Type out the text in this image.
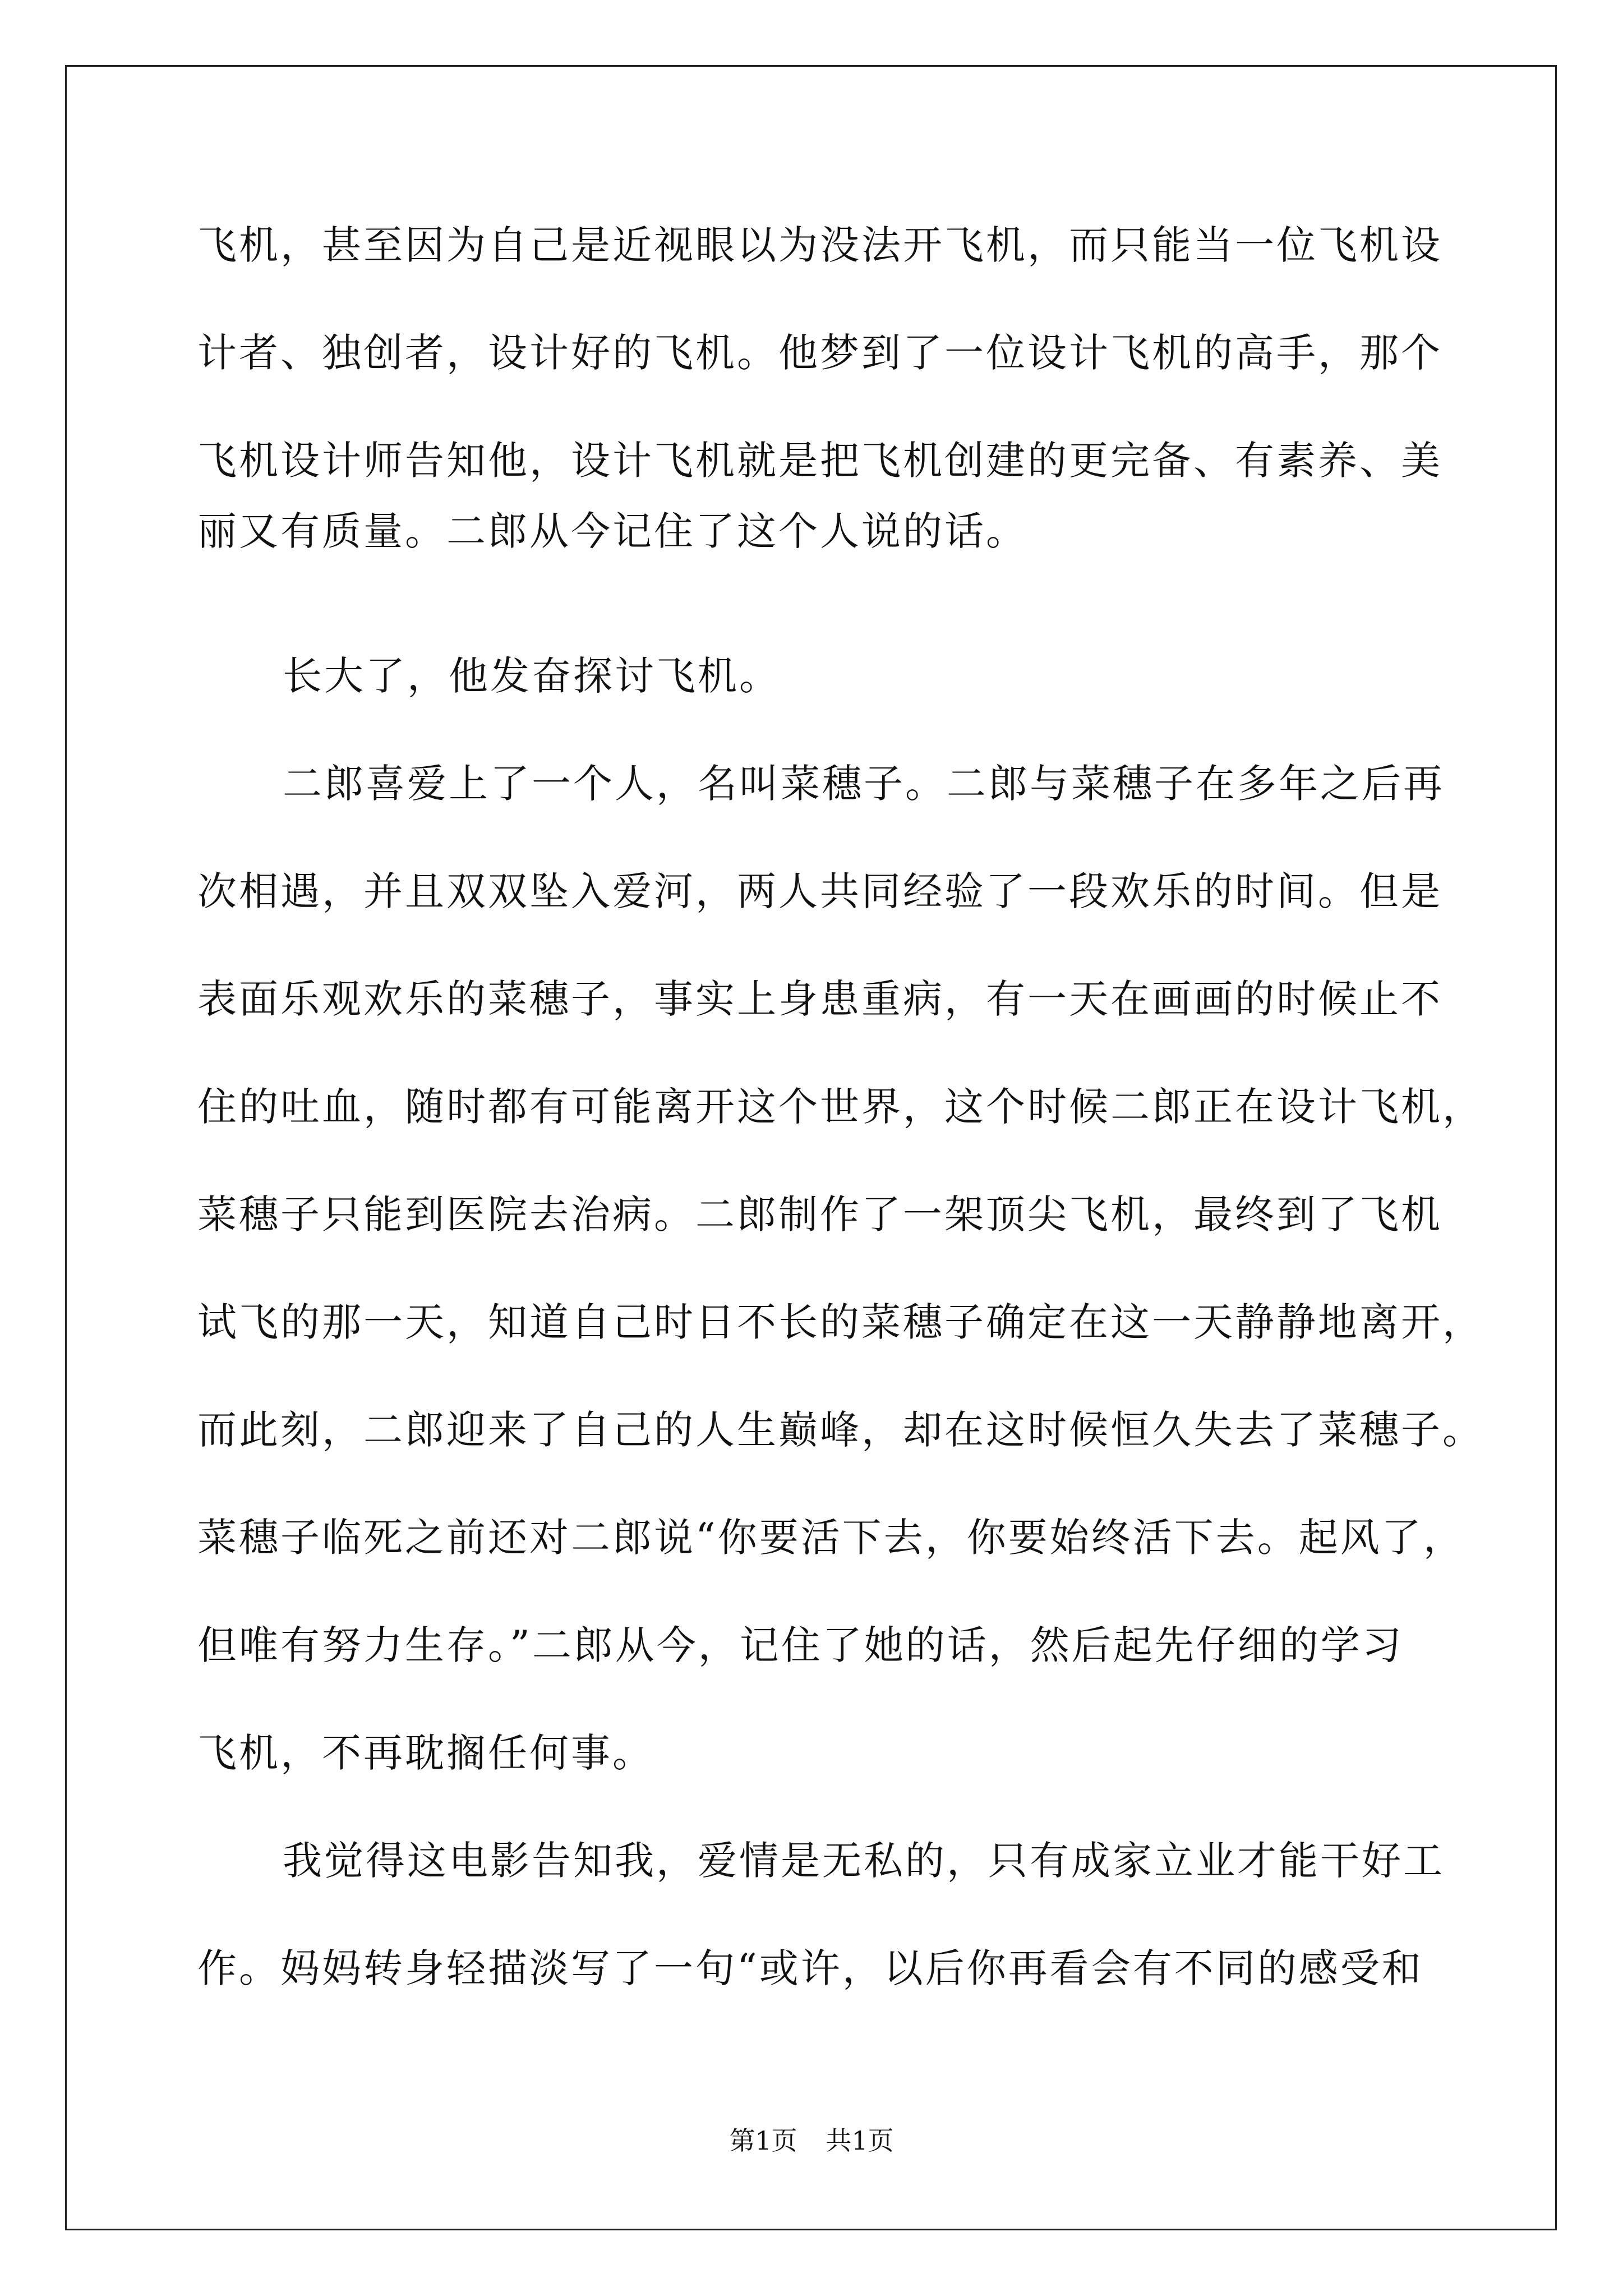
飞机，甚至因为自己是近视眼以为没法开飞机，而只能当一位飞机设
计者、独创者，设计好的飞机。他梦到了一位设计飞机的高手，那个
飞机设计师告知他，设计飞机就是把飞机创建的更完备、有素养、美
丽又有质量。二郎从今记住了这个人说的话。
长大了，他发奋探讨飞机。
二郎喜爱上了一个人，名叫菜穗子。二郎与菜穗子在多年之后再
次相遇，并且双双坠入爱河，两人共同经验了一段欢乐的时间。但是
表面乐观欢乐的菜穗子，事实上身患重病，有一天在画画的时候止不
住的吐血，随时都有可能离开这个世界，这个时候二郎正在设计飞机，
菜穗子只能到医院去治病。二郎制作了一架顶尖飞机，最终到了飞机
试飞的那一天，知道自己时日不长的菜穗子确定在这一天静静地离开，
而此刻，二郎迎来了自己的人生巅峰，却在这时候恒久失去了菜穗子。
菜穗子临死之前还对二郎说“你要活下去，你要始终活下去。起风了，
但唯有努力生存。”二郎从今，记住了她的话，然后起先仔细的学习
飞机，不再耽搁任何事。
我觉得这电影告知我，爱情是无私的，只有成家立业才能干好工
作。妈妈转身轻描淡写了一句“或许，以后你再看会有不同的感受和
第1页 共1页
